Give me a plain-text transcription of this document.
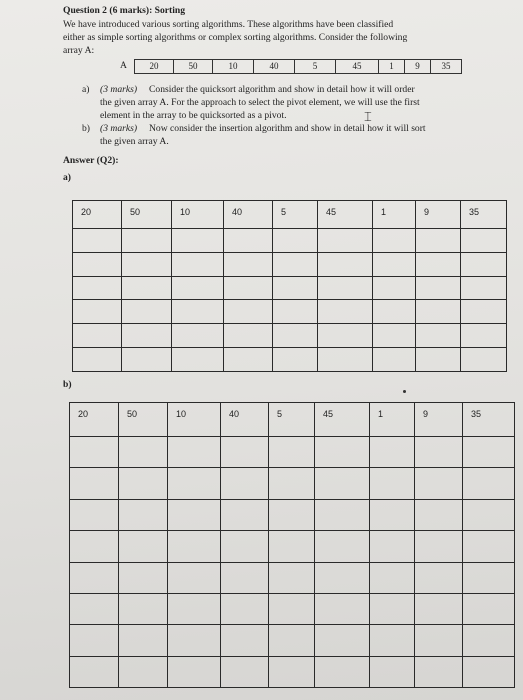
Question 2 (6 marks): Sorting
We have introduced various sorting algorithms. These algorithms have been classified
either as simple sorting algorithms or complex sorting algorithms. Consider the following
array A:
A	20	50	10	40	5	45	1	9	35
a) (3 marks) Consider the quicksort algorithm and show in detail how it will order
the given array A. For the approach to select the pivot element, we will use the first
element in the array to be quicksorted as a pivot.	⌶
b) (3 marks) Now consider the insertion algorithm and show in detail how it will sort
the given array A.
Answer (Q2):
a)
20	50	10	40	5	45	1	9	35

b)
20	50	10	40	5	45	1	9	35
